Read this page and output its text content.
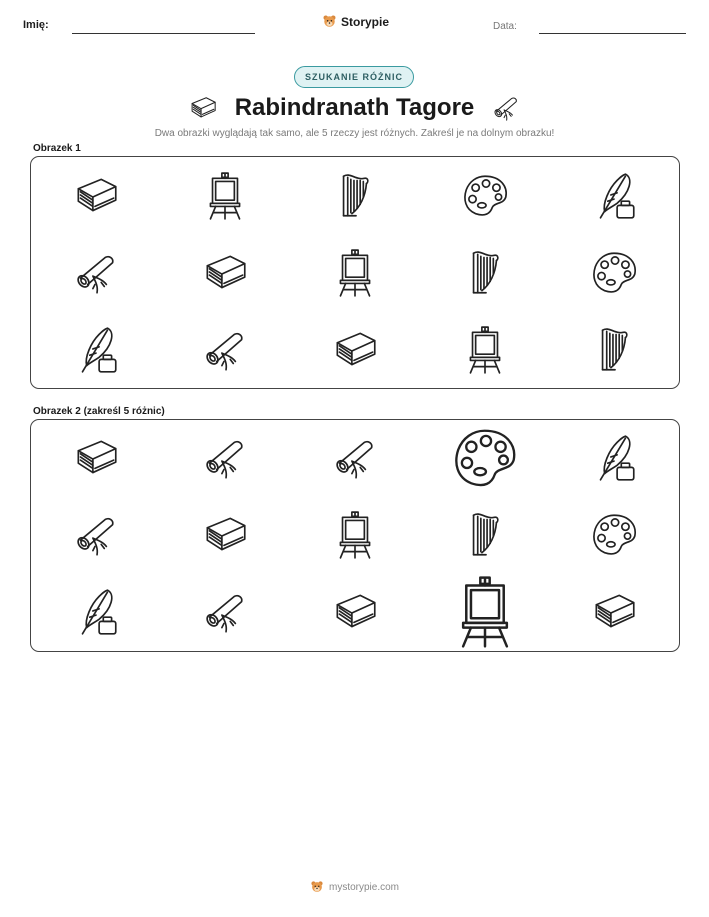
Imię:	Storypie	Data:
SZUKANIE RÓŻNIC
Rabindranath Tagore
Dwa obrazki wyglądają tak samo, ale 5 rzeczy jest różnych. Zakreśl je na dolnym obrazku!
Obrazek 1
Obrazek 2 (zakreśl 5 różnic)
mystorypie.com
